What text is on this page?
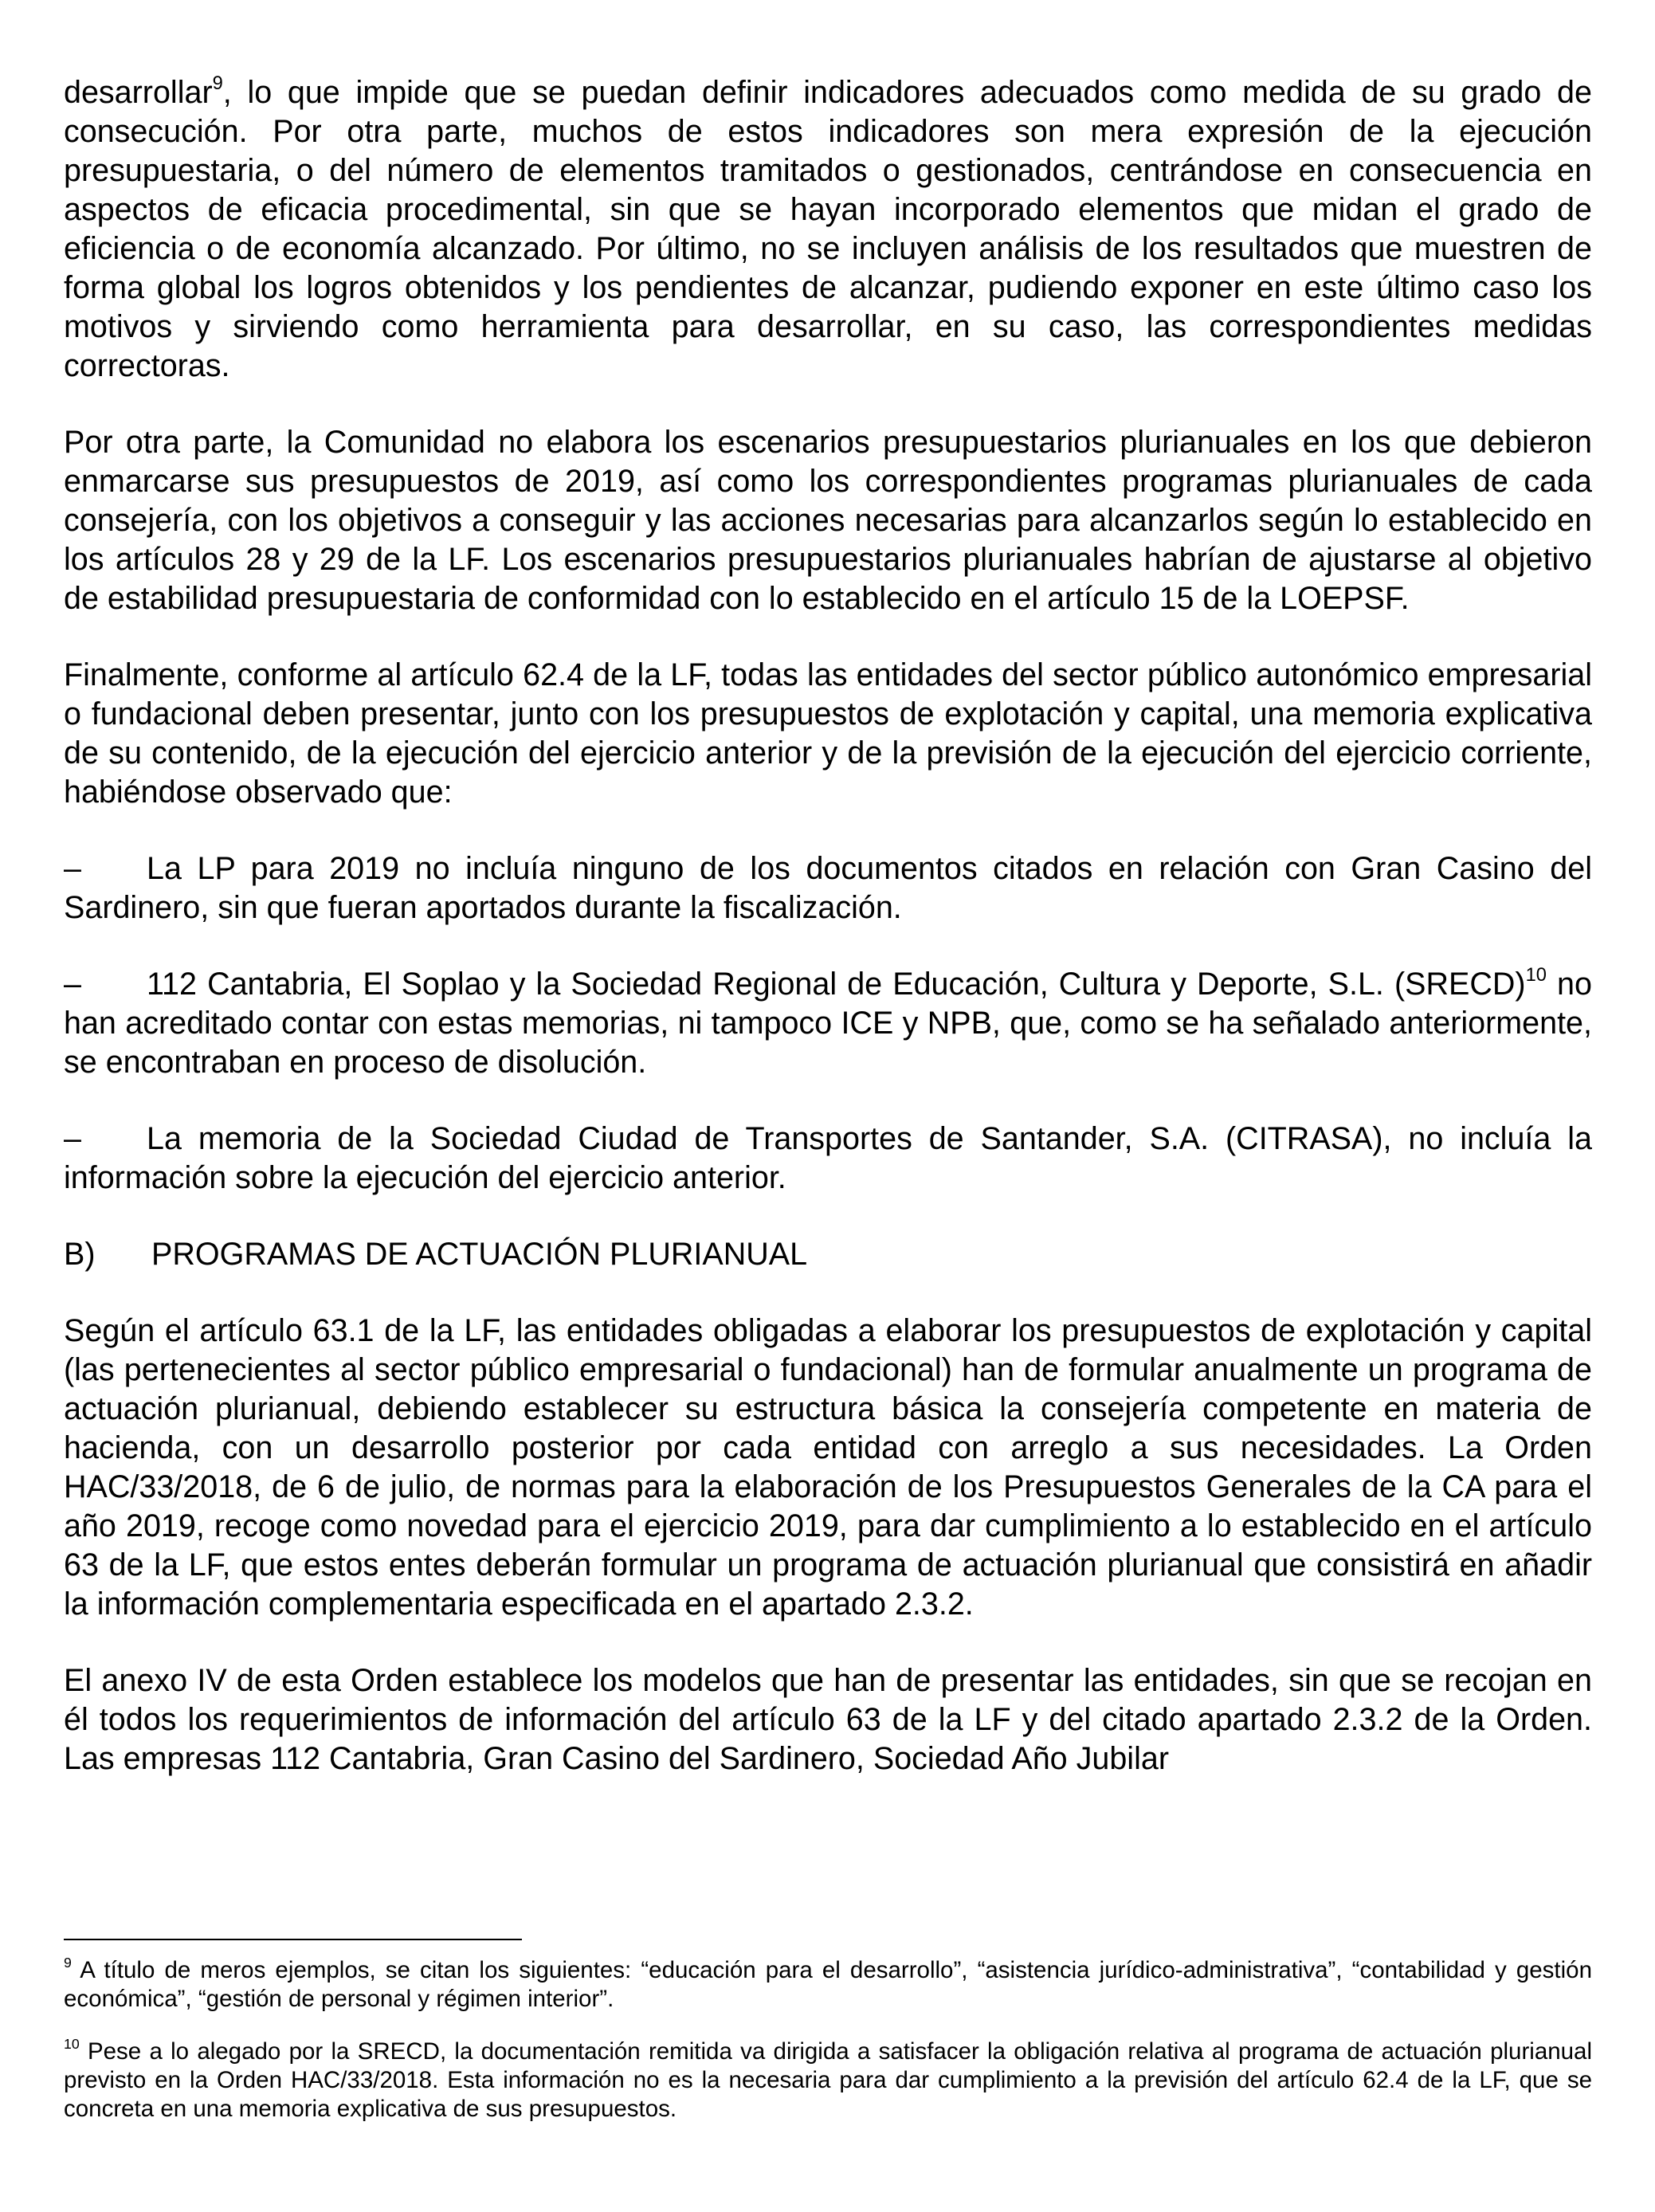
desarrollar$^9$, lo que impide que se puedan definir indicadores adecuados como medida de su grado de consecución. Por otra parte, muchos de estos indicadores son mera expresión de la ejecución presupuestaria, o del número de elementos tramitados o gestionados, centrándose en consecuencia en aspectos de eficacia procedimental, sin que se hayan incorporado elementos que midan el grado de eficiencia o de economía alcanzado. Por último, no se incluyen análisis de los resultados que muestren de forma global los logros obtenidos y los pendientes de alcanzar, pudiendo exponer en este último caso los motivos y sirviendo como herramienta para desarrollar, en su caso, las correspondientes medidas correctoras.

Por otra parte, la Comunidad no elabora los escenarios presupuestarios plurianuales en los que debieron enmarcarse sus presupuestos de 2019, así como los correspondientes programas plurianuales de cada consejería, con los objetivos a conseguir y las acciones necesarias para alcanzarlos según lo establecido en los artículos 28 y 29 de la LF. Los escenarios presupuestarios plurianuales habrían de ajustarse al objetivo de estabilidad presupuestaria de conformidad con lo establecido en el artículo 15 de la LOEPSF.

Finalmente, conforme al artículo 62.4 de la LF, todas las entidades del sector público autonómico empresarial o fundacional deben presentar, junto con los presupuestos de explotación y capital, una memoria explicativa de su contenido, de la ejecución del ejercicio anterior y de la previsión de la ejecución del ejercicio corriente, habiéndose observado que:

– La LP para 2019 no incluía ninguno de los documentos citados en relación con Gran Casino del Sardinero, sin que fueran aportados durante la fiscalización.

– 112 Cantabria, El Soplao y la Sociedad Regional de Educación, Cultura y Deporte, S.L. (SRECD)$^{10}$ no han acreditado contar con estas memorias, ni tampoco ICE y NPB, que, como se ha señalado anteriormente, se encontraban en proceso de disolución.

– La memoria de la Sociedad Ciudad de Transportes de Santander, S.A. (CITRASA), no incluía la información sobre la ejecución del ejercicio anterior.

B) PROGRAMAS DE ACTUACIÓN PLURIANUAL

Según el artículo 63.1 de la LF, las entidades obligadas a elaborar los presupuestos de explotación y capital (las pertenecientes al sector público empresarial o fundacional) han de formular anualmente un programa de actuación plurianual, debiendo establecer su estructura básica la consejería competente en materia de hacienda, con un desarrollo posterior por cada entidad con arreglo a sus necesidades. La Orden HAC/33/2018, de 6 de julio, de normas para la elaboración de los Presupuestos Generales de la CA para el año 2019, recoge como novedad para el ejercicio 2019, para dar cumplimiento a lo establecido en el artículo 63 de la LF, que estos entes deberán formular un programa de actuación plurianual que consistirá en añadir la información complementaria especificada en el apartado 2.3.2.

El anexo IV de esta Orden establece los modelos que han de presentar las entidades, sin que se recojan en él todos los requerimientos de información del artículo 63 de la LF y del citado apartado 2.3.2 de la Orden. Las empresas 112 Cantabria, Gran Casino del Sardinero, Sociedad Año Jubilar

$^9$ A título de meros ejemplos, se citan los siguientes: “educación para el desarrollo”, “asistencia jurídico-administrativa”, “contabilidad y gestión económica”, “gestión de personal y régimen interior”.

$^{10}$ Pese a lo alegado por la SRECD, la documentación remitida va dirigida a satisfacer la obligación relativa al programa de actuación plurianual previsto en la Orden HAC/33/2018. Esta información no es la necesaria para dar cumplimiento a la previsión del artículo 62.4 de la LF, que se concreta en una memoria explicativa de sus presupuestos.
